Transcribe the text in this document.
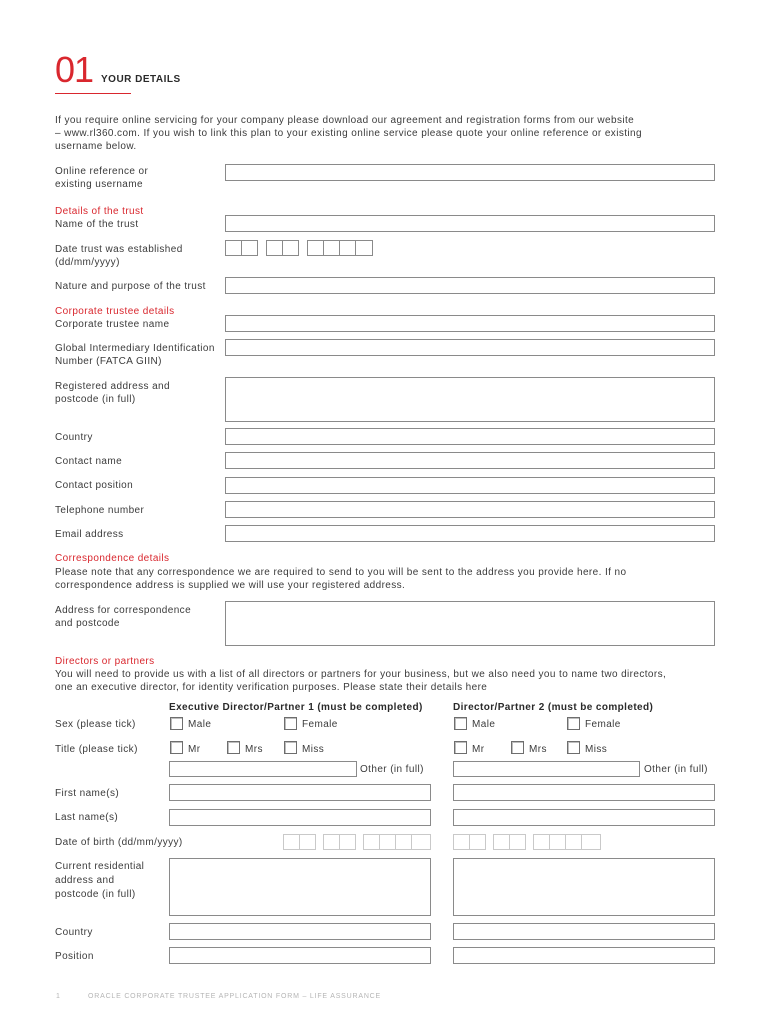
01 YOUR DETAILS
If you require online servicing for your company please download our agreement and registration forms from our website
– www.rl360.com. If you wish to link this plan to your existing online service please quote your online reference or existing
username below.
Online reference or
existing username
Details of the trust
Name of the trust
Date trust was established
(dd/mm/yyyy)
Nature and purpose of the trust
Corporate trustee details
Corporate trustee name
Global Intermediary Identification
Number (FATCA GIIN)
Registered address and
postcode (in full)
Country
Contact name
Contact position
Telephone number
Email address
Correspondence details
Please note that any correspondence we are required to send to you will be sent to the address you provide here. If no
correspondence address is supplied we will use your registered address.
Address for correspondence
and postcode
Directors or partners
You will need to provide us with a list of all directors or partners for your business, but we also need you to name two directors,
one an executive director, for identity verification purposes. Please state their details here
Executive Director/Partner 1 (must be completed)	Director/Partner 2 (must be completed)
Sex (please tick)	Male	Female	Male	Female
Title (please tick)	Mr	Mrs	Miss	Mr	Mrs	Miss
Other (in full)	Other (in full)
First name(s)
Last name(s)
Date of birth (dd/mm/yyyy)
Current residential
address and
postcode (in full)
Country
Position
1	ORACLE CORPORATE TRUSTEE APPLICATION FORM – LIFE ASSURANCE
